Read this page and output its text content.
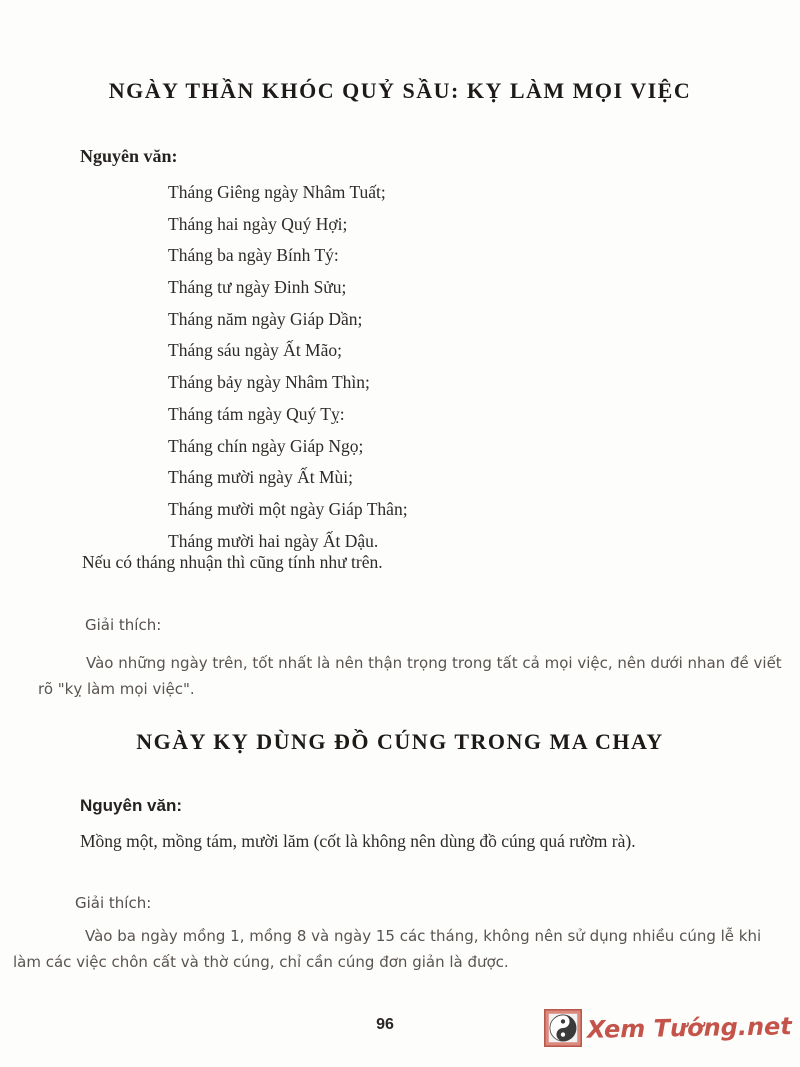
NGÀY THẦN KHÓC QUỶ SẦU: KỴ LÀM MỌI VIỆC
Nguyên văn:
Tháng Giêng ngày Nhâm Tuất;
Tháng hai ngày Quý Hợi;
Tháng ba ngày Bính Tý:
Tháng tư ngày Đinh Sửu;
Tháng năm ngày Giáp Dần;
Tháng sáu ngày Ất Mão;
Tháng bảy ngày Nhâm Thìn;
Tháng tám ngày Quý Tỵ:
Tháng chín ngày Giáp Ngọ;
Tháng mười ngày Ất Mùi;
Tháng mười một ngày Giáp Thân;
Tháng mười hai ngày Ất Dậu.
Nếu có tháng nhuận thì cũng tính như trên.
Giải thích:
Vào những ngày trên, tốt nhất là nên thận trọng trong tất cả mọi việc, nên dưới nhan đề viết rõ "kỵ làm mọi việc".
NGÀY KỴ DÙNG ĐỒ CÚNG TRONG MA CHAY
Nguyên văn:
Mồng một, mồng tám, mười lăm (cốt là không nên dùng đồ cúng quá rườm rà).
Giải thích:
Vào ba ngày mồng 1, mồng 8 và ngày 15 các tháng, không nên sử dụng nhiều cúng lễ khi làm các việc chôn cất và thờ cúng, chỉ cần cúng đơn giản là được.
96	Xem Tướng.net
